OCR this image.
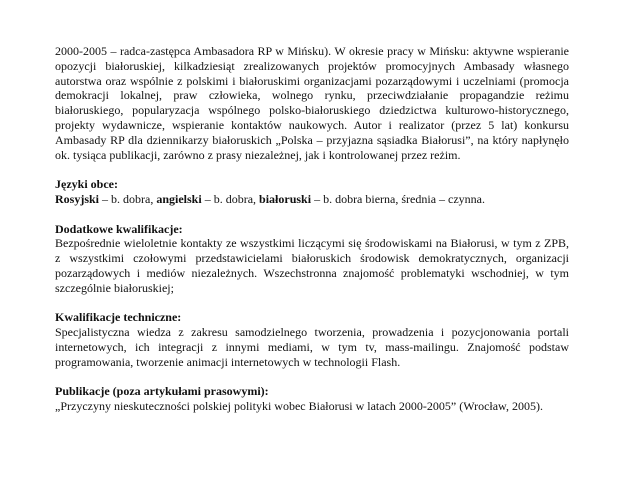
2000-2005 – radca-zastępca Ambasadora RP w Mińsku). W okresie pracy w Mińsku: aktywne wspieranie opozycji białoruskiej, kilkadziesiąt zrealizowanych projektów promocyjnych Ambasady własnego autorstwa oraz wspólnie z polskimi i białoruskimi organizacjami pozarządowymi i uczelniami (promocja demokracji lokalnej, praw człowieka, wolnego rynku, przeciwdziałanie propagandzie reżimu białoruskiego, popularyzacja wspólnego polsko-białoruskiego dziedzictwa kulturowo-historycznego, projekty wydawnicze, wspieranie kontaktów naukowych. Autor i realizator (przez 5 lat) konkursu Ambasady RP dla dziennikarzy białoruskich „Polska – przyjazna sąsiadka Białorusi”, na który napłynęło ok. tysiąca publikacji, zarówno z prasy niezależnej, jak i kontrolowanej przez reżim.

Języki obce:

Rosyjski – b. dobra, angielski – b. dobra, białoruski – b. dobra bierna, średnia – czynna.

Dodatkowe kwalifikacje:

Bezpośrednie wieloletnie kontakty ze wszystkimi liczącymi się środowiskami na Białorusi, w tym z ZPB, z wszystkimi czołowymi przedstawicielami białoruskich środowisk demokratycznych, organizacji pozarządowych i mediów niezależnych. Wszechstronna znajomość problematyki wschodniej, w tym szczególnie białoruskiej;

Kwalifikacje techniczne:

Specjalistyczna wiedza z zakresu samodzielnego tworzenia, prowadzenia i pozycjonowania portali internetowych, ich integracji z innymi mediami, w tym tv, mass-mailingu. Znajomość podstaw programowania, tworzenie animacji internetowych w technologii Flash.

Publikacje (poza artykułami prasowymi):

„Przyczyny nieskuteczności polskiej polityki wobec Białorusi w latach 2000-2005” (Wrocław, 2005).
